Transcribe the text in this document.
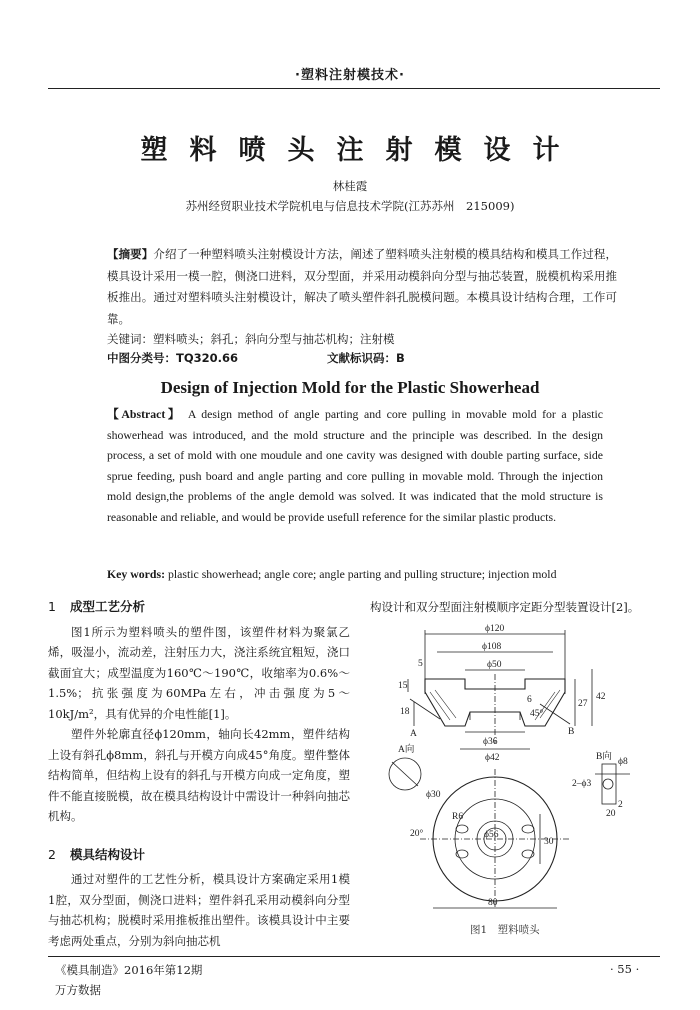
·塑料注射模技术·
塑料喷头注射模设计
林桂霞
苏州经贸职业技术学院机电与信息技术学院(江苏苏州　215009)
【摘要】介绍了一种塑料喷头注射模设计方法，阐述了塑料喷头注射模的模具结构和模具工作过程，模具设计采用一模一腔，侧浇口进料，双分型面，并采用动模斜向分型与抽芯装置，脱模机构采用推板推出。通过对塑料喷头注射模设计，解决了喷头塑件斜孔脱模问题。本模具设计结构合理，工作可靠。
关键词：塑料喷头；斜孔；斜向分型与抽芯机构；注射模
中图分类号：TQ320.66	文献标识码：B
Design of Injection Mold for the Plastic Showerhead
【Abstract】 A design method of angle parting and core pulling in movable mold for a plastic showerhead was introduced, and the mold structure and the principle was described. In the design process, a set of mold with one moudule and one cavity was designed with double parting surface, side sprue feeding, push board and angle parting and core pulling in movable mold. Through the injection mold design,the problems of the angle demold was solved. It was indicated that the mold structure is reasonable and reliable, and would be provide usefull reference for the similar plastic products.
Key words: plastic showerhead; angle core; angle parting and pulling structure; injection mold
1 成型工艺分析

图1所示为塑料喷头的塑件图，该塑件材料为聚氯乙烯，吸湿小，流动差，注射压力大，浇注系统宜粗短，浇口截面宜大；成型温度为160℃～190℃，收缩率为0.6%～1.5%；抗张强度为60MPa左右，冲击强度为5～10kJ/m²，具有优异的介电性能[1]。

塑件外轮廓直径ϕ120mm，轴向长42mm，塑件结构上设有斜孔ϕ8mm，斜孔与开模方向成45°角度。塑件整体结构简单，但结构上设有的斜孔与开模方向成一定角度，塑件不能直接脱模，故在模具结构设计中需设计一种斜向抽芯机构。

2 模具结构设计

通过对塑件的工艺性分析，模具设计方案确定采用1模1腔，双分型面，侧浇口进料；塑件斜孔采用动模斜向分型与抽芯机构；脱模时采用推板推出塑件。该模具设计中主要考虑两处重点，分别为斜向抽芯机

构设计和双分型面注射模顺序定距分型装置设计[2]。
ϕ120
ϕ108
ϕ50
ϕ36
ϕ42
15
5
18
6	27
42
45°
A	B
A向
B向 ϕ8
2–ϕ3
2
20
ϕ30
R6
ϕ56
20°
30
80
图1　塑料喷头
《模具制造》2016年第12期	· 55 ·
万方数据
